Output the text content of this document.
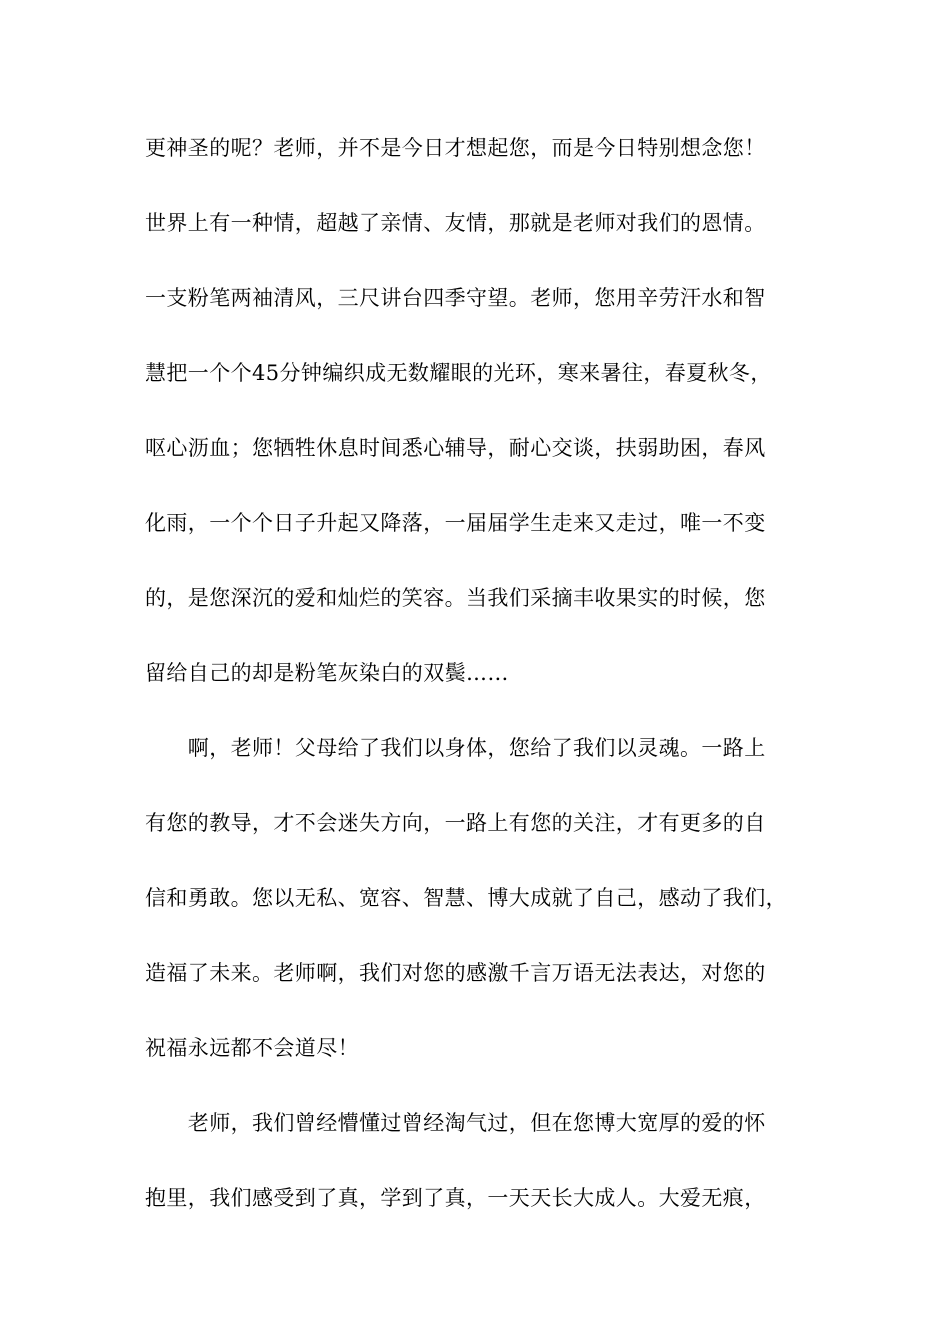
更神圣的呢？老师，并不是今日才想起您，而是今日特别想念您！
世界上有一种情，超越了亲情、友情，那就是老师对我们的恩情。
一支粉笔两袖清风，三尺讲台四季守望。老师，您用辛劳汗水和智
慧把一个个45分钟编织成无数耀眼的光环，寒来暑往，春夏秋冬，
呕心沥血；您牺牲休息时间悉心辅导，耐心交谈，扶弱助困，春风
化雨，一个个日子升起又降落，一届届学生走来又走过，唯一不变
的，是您深沉的爱和灿烂的笑容。当我们采摘丰收果实的时候，您
留给自己的却是粉笔灰染白的双鬓……
　　啊，老师！父母给了我们以身体，您给了我们以灵魂。一路上
有您的教导，才不会迷失方向，一路上有您的关注，才有更多的自
信和勇敢。您以无私、宽容、智慧、博大成就了自己，感动了我们，
造福了未来。老师啊，我们对您的感激千言万语无法表达，对您的
祝福永远都不会道尽！
　　老师，我们曾经懵懂过曾经淘气过，但在您博大宽厚的爱的怀
抱里，我们感受到了真，学到了真，一天天长大成人。大爱无痕，
